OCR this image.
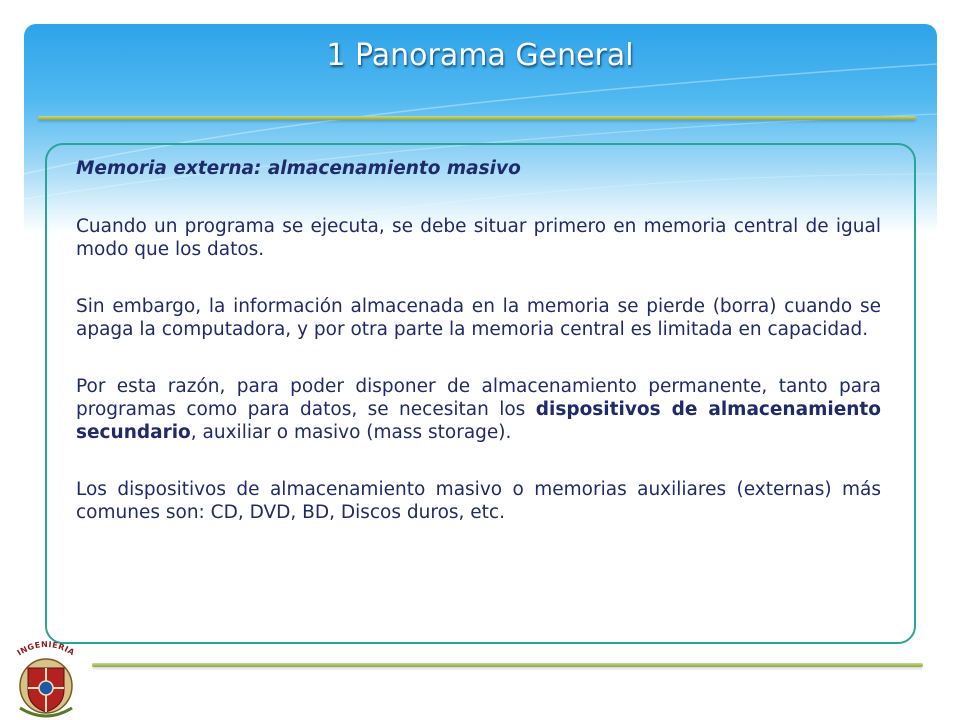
1 Panorama General

Memoria externa: almacenamiento masivo

Cuando un programa se ejecuta, se debe situar primero en memoria central de igual modo que los datos.

Sin embargo, la información almacenada en la memoria se pierde (borra) cuando se apaga la computadora, y por otra parte la memoria central es limitada en capacidad.

Por esta razón, para poder disponer de almacenamiento permanente, tanto para programas como para datos, se necesitan los dispositivos de almacenamiento secundario, auxiliar o masivo (mass storage).

Los dispositivos de almacenamiento masivo o memorias auxiliares (externas) más comunes son: CD, DVD, BD, Discos duros, etc.

INGENIERIA
